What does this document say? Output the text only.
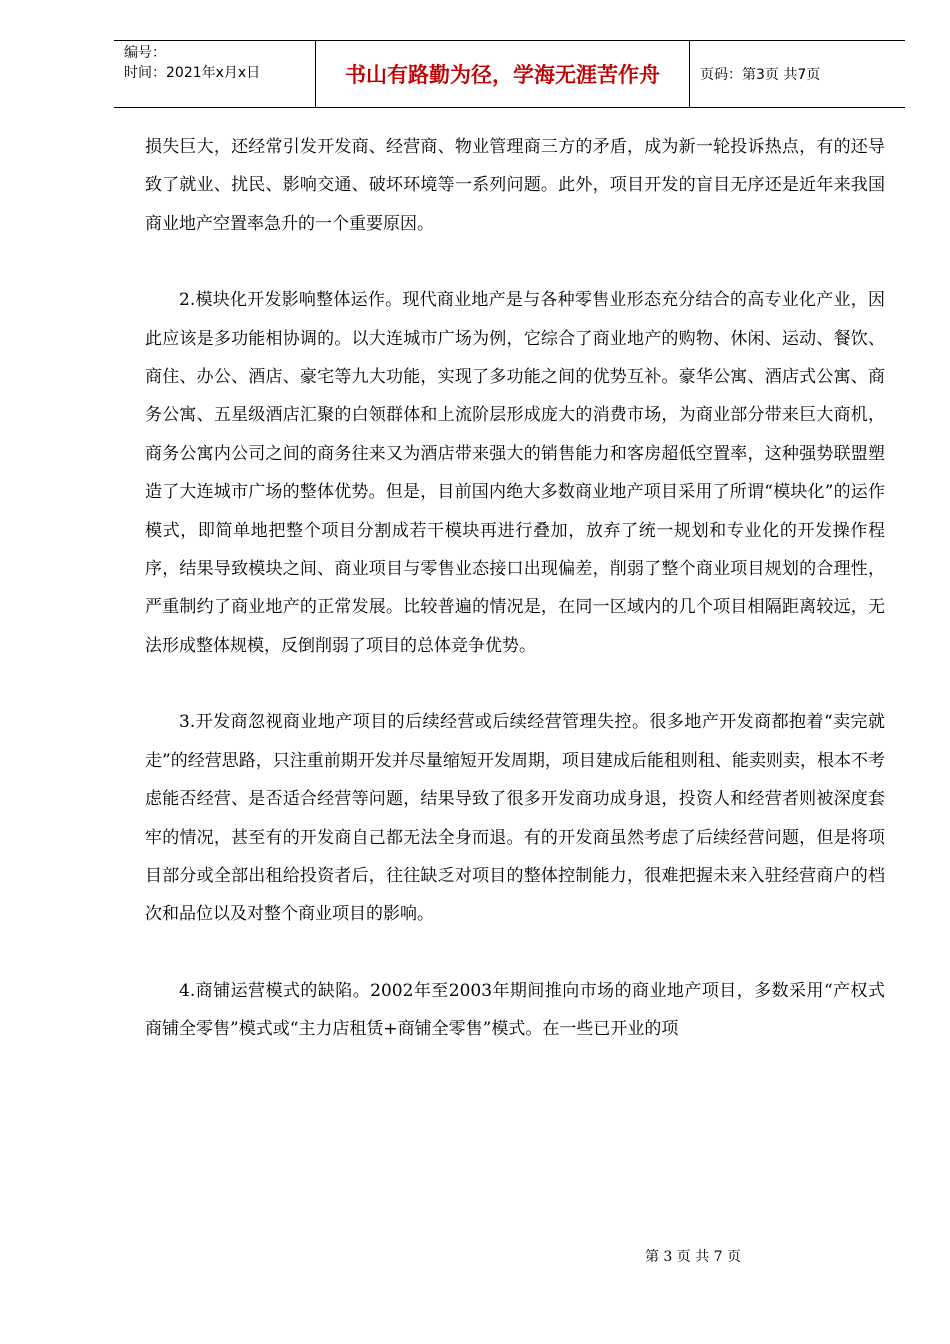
编号：
时间：2021年x月x日	书山有路勤为径，学海无涯苦作舟	页码：第3页 共7页

损失巨大，还经常引发开发商、经营商、物业管理商三方的矛盾，成为新一轮投诉热点，有的还导致了就业、扰民、影响交通、破坏环境等一系列问题。此外，项目开发的盲目无序还是近年来我国商业地产空置率急升的一个重要原因。

2.模块化开发影响整体运作。现代商业地产是与各种零售业形态充分结合的高专业化产业，因此应该是多功能相协调的。以大连城市广场为例，它综合了商业地产的购物、休闲、运动、餐饮、商住、办公、酒店、豪宅等九大功能，实现了多功能之间的优势互补。豪华公寓、酒店式公寓、商务公寓、五星级酒店汇聚的白领群体和上流阶层形成庞大的消费市场，为商业部分带来巨大商机，商务公寓内公司之间的商务往来又为酒店带来强大的销售能力和客房超低空置率，这种强势联盟塑造了大连城市广场的整体优势。但是，目前国内绝大多数商业地产项目采用了所谓“模块化”的运作模式，即简单地把整个项目分割成若干模块再进行叠加，放弃了统一规划和专业化的开发操作程序，结果导致模块之间、商业项目与零售业态接口出现偏差，削弱了整个商业项目规划的合理性，严重制约了商业地产的正常发展。比较普遍的情况是，在同一区域内的几个项目相隔距离较远，无法形成整体规模，反倒削弱了项目的总体竞争优势。

3.开发商忽视商业地产项目的后续经营或后续经营管理失控。很多地产开发商都抱着“卖完就走”的经营思路，只注重前期开发并尽量缩短开发周期，项目建成后能租则租、能卖则卖，根本不考虑能否经营、是否适合经营等问题，结果导致了很多开发商功成身退，投资人和经营者则被深度套牢的情况，甚至有的开发商自己都无法全身而退。有的开发商虽然考虑了后续经营问题，但是将项目部分或全部出租给投资者后，往往缺乏对项目的整体控制能力，很难把握未来入驻经营商户的档次和品位以及对整个商业项目的影响。

4.商铺运营模式的缺陷。2002年至2003年期间推向市场的商业地产项目，多数采用“产权式商铺全零售”模式或“主力店租赁+商铺全零售”模式。在一些已开业的项

第 3 页 共 7 页
